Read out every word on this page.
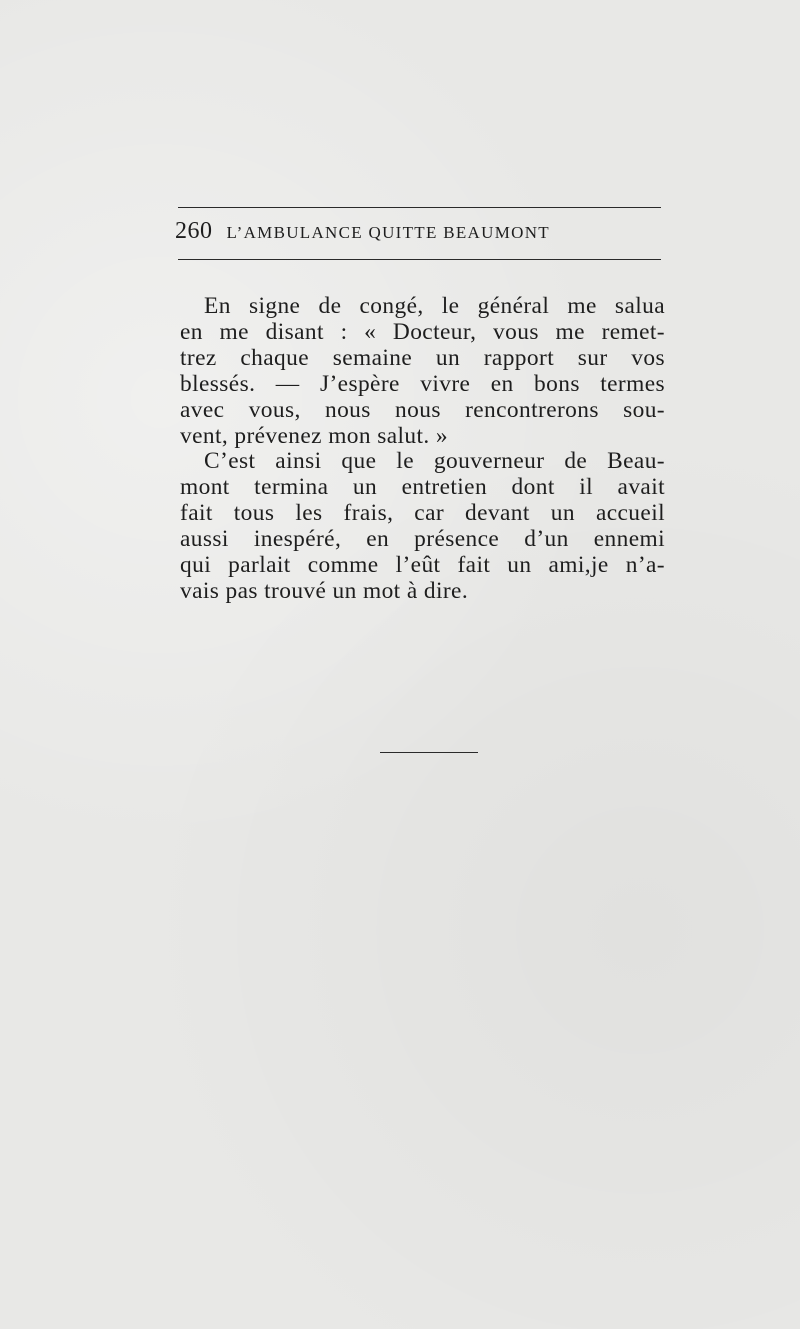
260 L’AMBULANCE QUITTE BEAUMONT
En signe de congé, le général me salua
en me disant : « Docteur, vous me remet-
trez chaque semaine un rapport sur vos
blessés. — J’espère vivre en bons termes
avec vous, nous nous rencontrerons sou-
vent, prévenez mon salut. »
C’est ainsi que le gouverneur de Beau-
mont termina un entretien dont il avait
fait tous les frais, car devant un accueil
aussi inespéré, en présence d’un ennemi
qui parlait comme l’eût fait un ami,je n’a-
vais pas trouvé un mot à dire.
